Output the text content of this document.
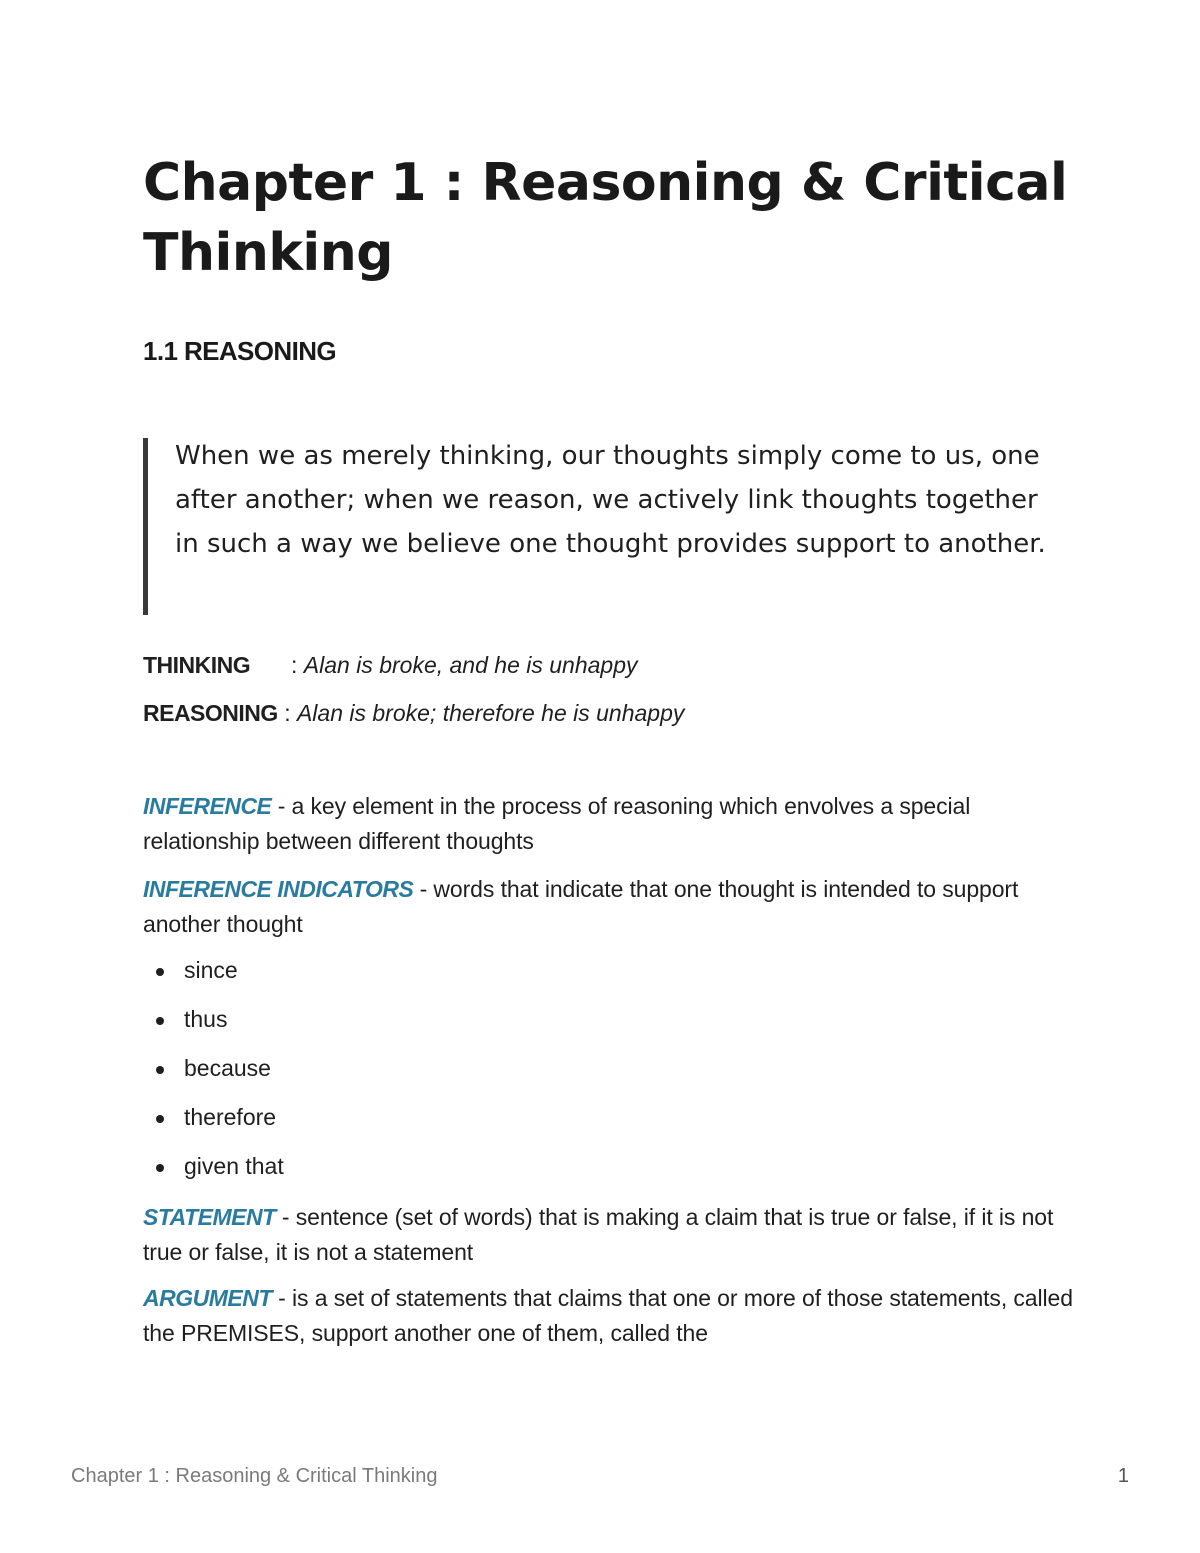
Chapter 1 : Reasoning & Critical Thinking
1.1 REASONING
When we as merely thinking, our thoughts simply come to us, one after another; when we reason, we actively link thoughts together in such a way we believe one thought provides support to another.

THINKING : Alan is broke, and he is unhappy

REASONING : Alan is broke; therefore he is unhappy

INFERENCE - a key element in the process of reasoning which envolves a special relationship between different thoughts

INFERENCE INDICATORS - words that indicate that one thought is intended to support another thought

since
thus
because
therefore
given that

STATEMENT - sentence (set of words) that is making a claim that is true or false, if it is not true or false, it is not a statement

ARGUMENT - is a set of statements that claims that one or more of those statements, called the PREMISES, support another one of them, called the

Chapter 1 : Reasoning & Critical Thinking	1
